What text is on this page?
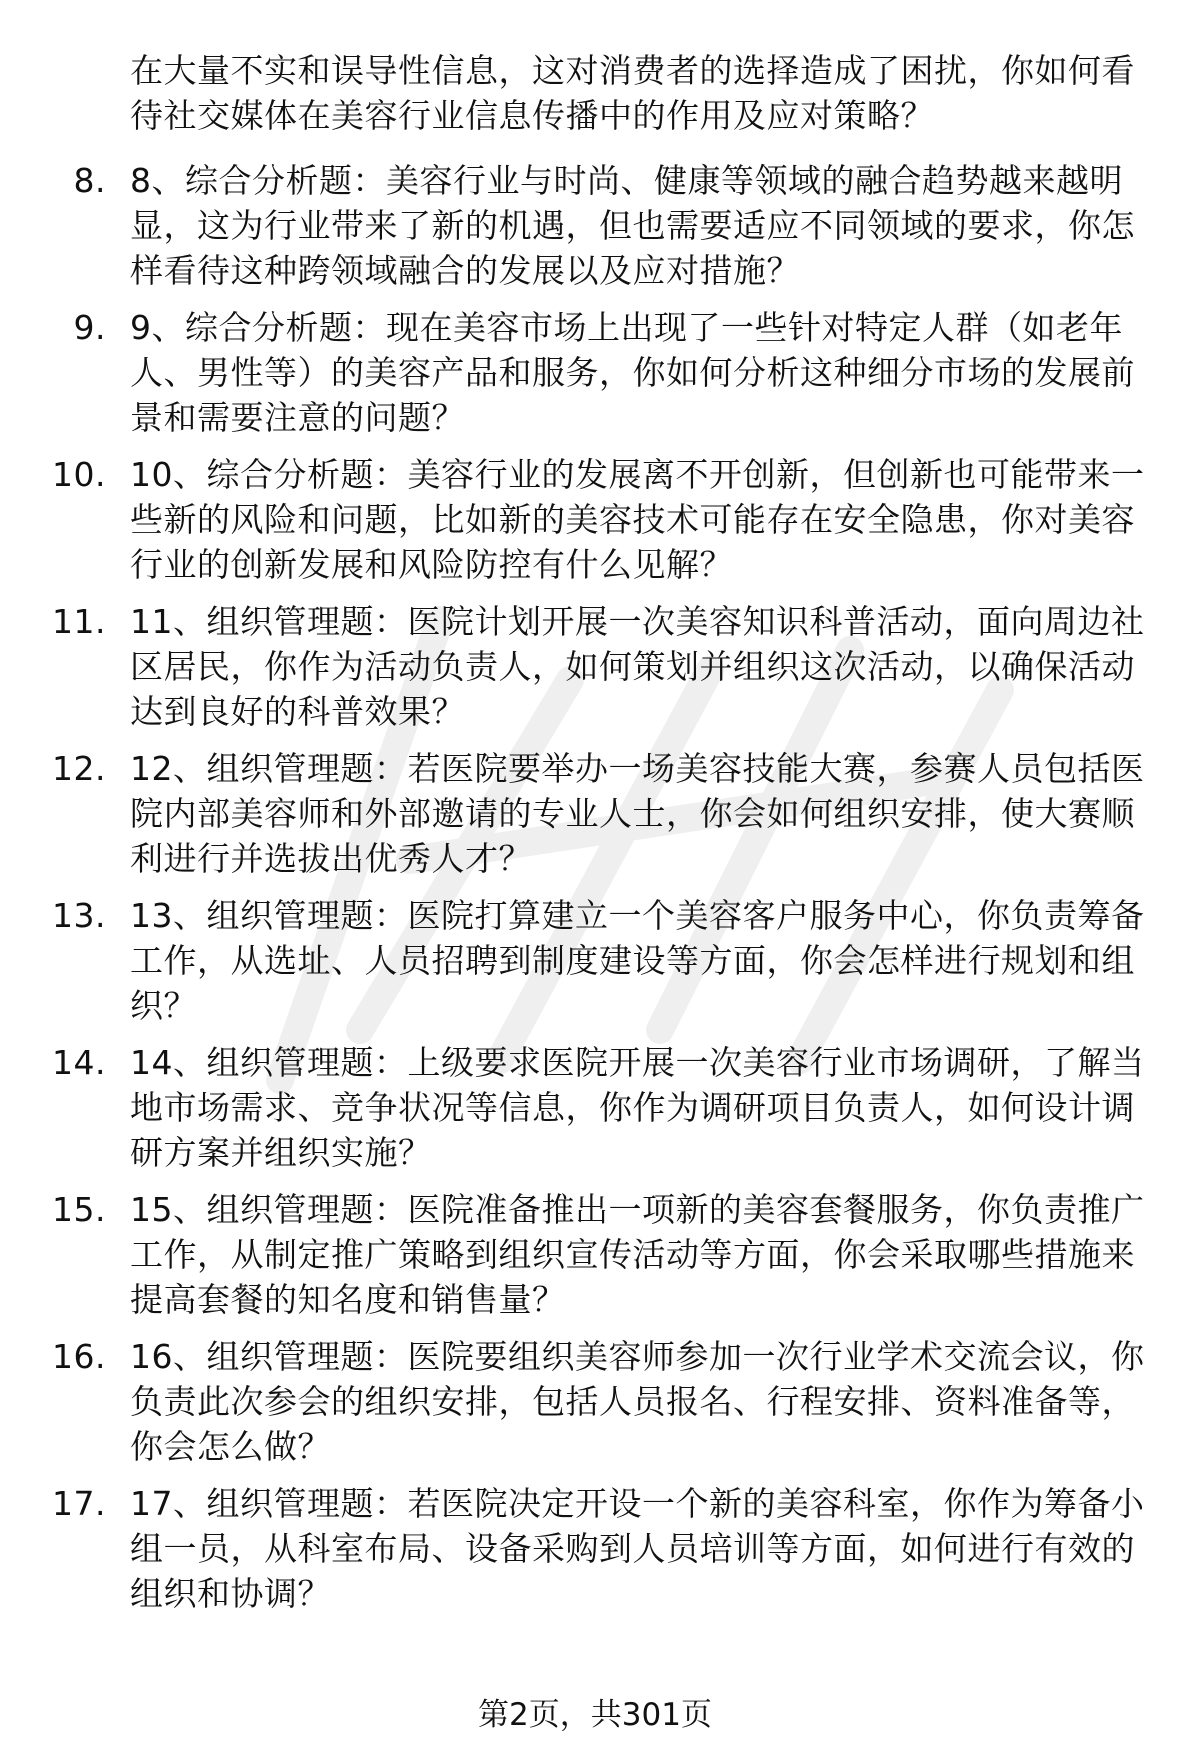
在大量不实和误导性信息，这对消费者的选择造成了困扰，你如何看待社交媒体在美容行业信息传播中的作用及应对策略？
8. 8、综合分析题：美容行业与时尚、健康等领域的融合趋势越来越明显，这为行业带来了新的机遇，但也需要适应不同领域的要求，你怎样看待这种跨领域融合的发展以及应对措施？
9. 9、综合分析题：现在美容市场上出现了一些针对特定人群（如老年人、男性等）的美容产品和服务，你如何分析这种细分市场的发展前景和需要注意的问题？
10. 10、综合分析题：美容行业的发展离不开创新，但创新也可能带来一些新的风险和问题，比如新的美容技术可能存在安全隐患，你对美容行业的创新发展和风险防控有什么见解？
11. 11、组织管理题：医院计划开展一次美容知识科普活动，面向周边社区居民，你作为活动负责人，如何策划并组织这次活动，以确保活动达到良好的科普效果？
12. 12、组织管理题：若医院要举办一场美容技能大赛，参赛人员包括医院内部美容师和外部邀请的专业人士，你会如何组织安排，使大赛顺利进行并选拔出优秀人才？
13. 13、组织管理题：医院打算建立一个美容客户服务中心，你负责筹备工作，从选址、人员招聘到制度建设等方面，你会怎样进行规划和组织？
14. 14、组织管理题：上级要求医院开展一次美容行业市场调研，了解当地市场需求、竞争状况等信息，你作为调研项目负责人，如何设计调研方案并组织实施？
15. 15、组织管理题：医院准备推出一项新的美容套餐服务，你负责推广工作，从制定推广策略到组织宣传活动等方面，你会采取哪些措施来提高套餐的知名度和销售量？
16. 16、组织管理题：医院要组织美容师参加一次行业学术交流会议，你负责此次参会的组织安排，包括人员报名、行程安排、资料准备等，你会怎么做？
17. 17、组织管理题：若医院决定开设一个新的美容科室，你作为筹备小组一员，从科室布局、设备采购到人员培训等方面，如何进行有效的组织和协调？
第2页，共301页
